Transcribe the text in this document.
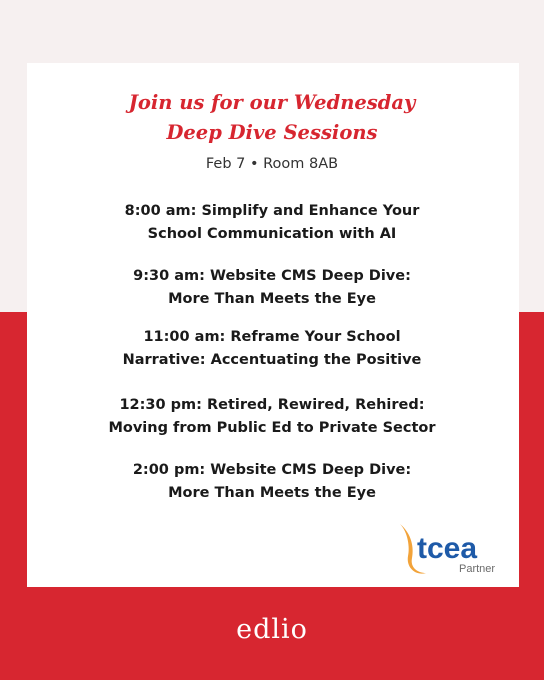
Join us for our Wednesday
Deep Dive Sessions
Feb 7 • Room 8AB
8:00 am: Simplify and Enhance Your
School Communication with AI
9:30 am: Website CMS Deep Dive:
More Than Meets the Eye
11:00 am: Reframe Your School
Narrative: Accentuating the Positive
12:30 pm: Retired, Rewired, Rehired:
Moving from Public Ed to Private Sector
2:00 pm: Website CMS Deep Dive:
More Than Meets the Eye
tcea
Partner
edlio
